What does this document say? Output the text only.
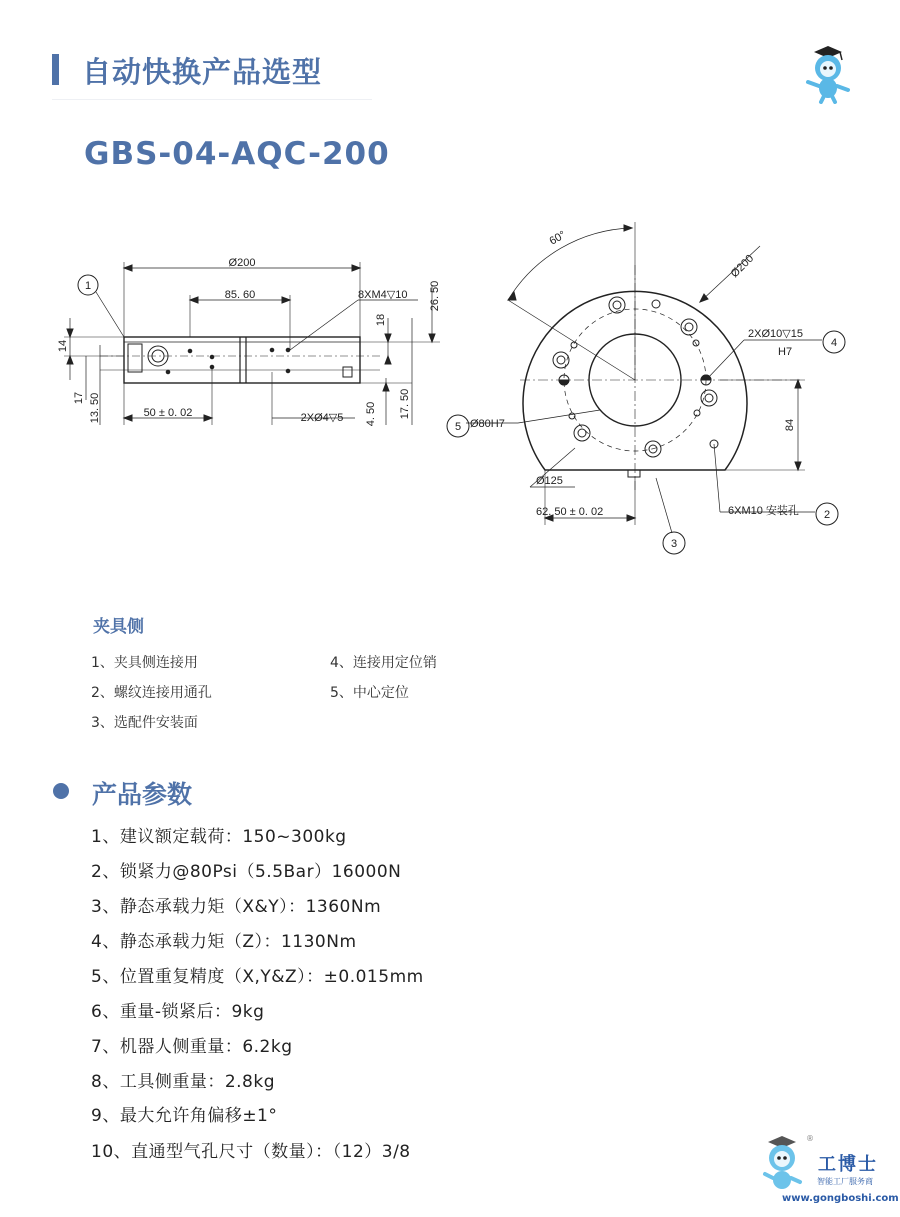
自动快换产品选型
GBS-04-AQC-200
Ø200
85. 60	8XM4▽10 26. 50
18
14
17 13. 50	50 ± 0. 02	2XØ4▽5 4. 50 17. 50
1
60°
Ø200
2XØ10▽15
H7
84
Ø80H7
Ø125
62. 50 ± 0. 02	6XM10 安装孔
4
5
2
3
夹具侧
1、夹具侧连接用
2、螺纹连接用通孔
3、选配件安装面
4、连接用定位销
5、中心定位
产品参数
1、建议额定载荷：150~300kg
2、锁紧力@80Psi（5.5Bar）16000N
3、静态承载力矩（X&Y）：1360Nm
4、静态承载力矩（Z）：1130Nm
5、位置重复精度（X,Y&Z）：±0.015mm
6、重量-锁紧后：9kg
7、机器人侧重量：6.2kg
8、工具侧重量：2.8kg
9、最大允许角偏移±1°
10、直通型气孔尺寸（数量）：（12）3/8
工博士
®
智能工厂服务商
www.gongboshi.com
